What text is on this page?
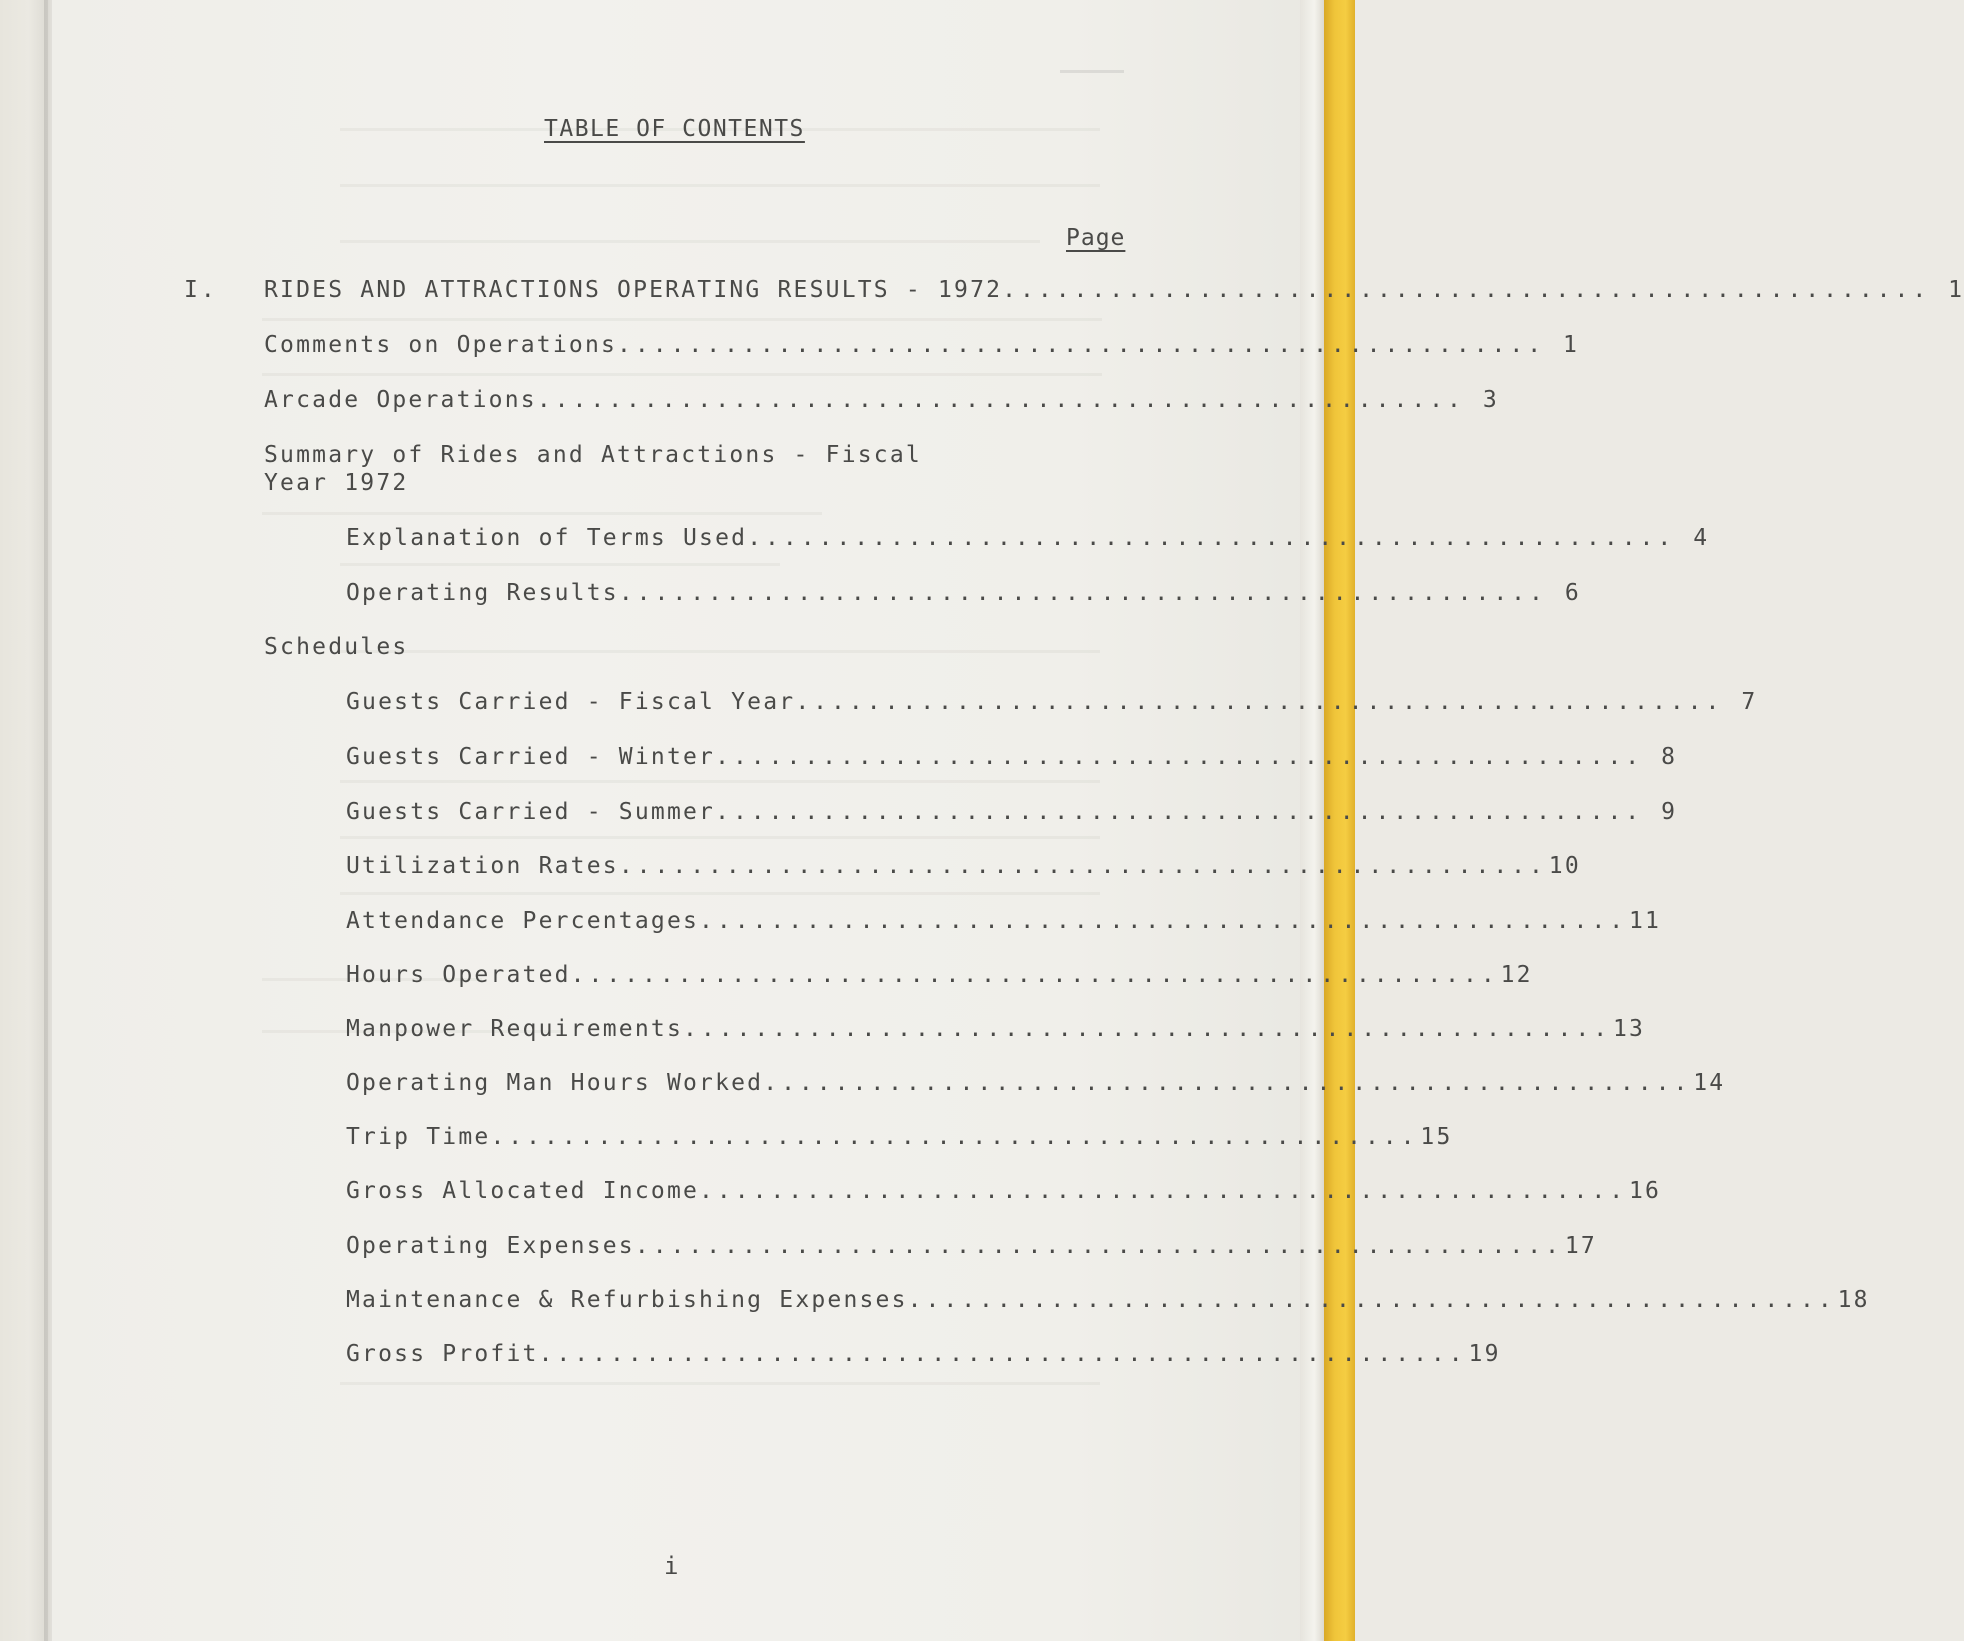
TABLE OF CONTENTS
Page
I. RIDES AND ATTRACTIONS OPERATING RESULTS - 1972 .................................................... 1
Comments on Operations .................................................... 1
Arcade Operations .................................................... 3
Summary of Rides and Attractions - Fiscal
Year 1972
Explanation of Terms Used .................................................... 4
Operating Results .................................................... 6
Schedules
Guests Carried - Fiscal Year .................................................... 7
Guests Carried - Winter .................................................... 8
Guests Carried - Summer .................................................... 9
Utilization Rates .................................................... 10
Attendance Percentages .................................................... 11
Hours Operated .................................................... 12
Manpower Requirements .................................................... 13
Operating Man Hours Worked .................................................... 14
Trip Time .................................................... 15
Gross Allocated Income .................................................... 16
Operating Expenses .................................................... 17
Maintenance & Refurbishing Expenses .................................................... 18
Gross Profit .................................................... 19
i
